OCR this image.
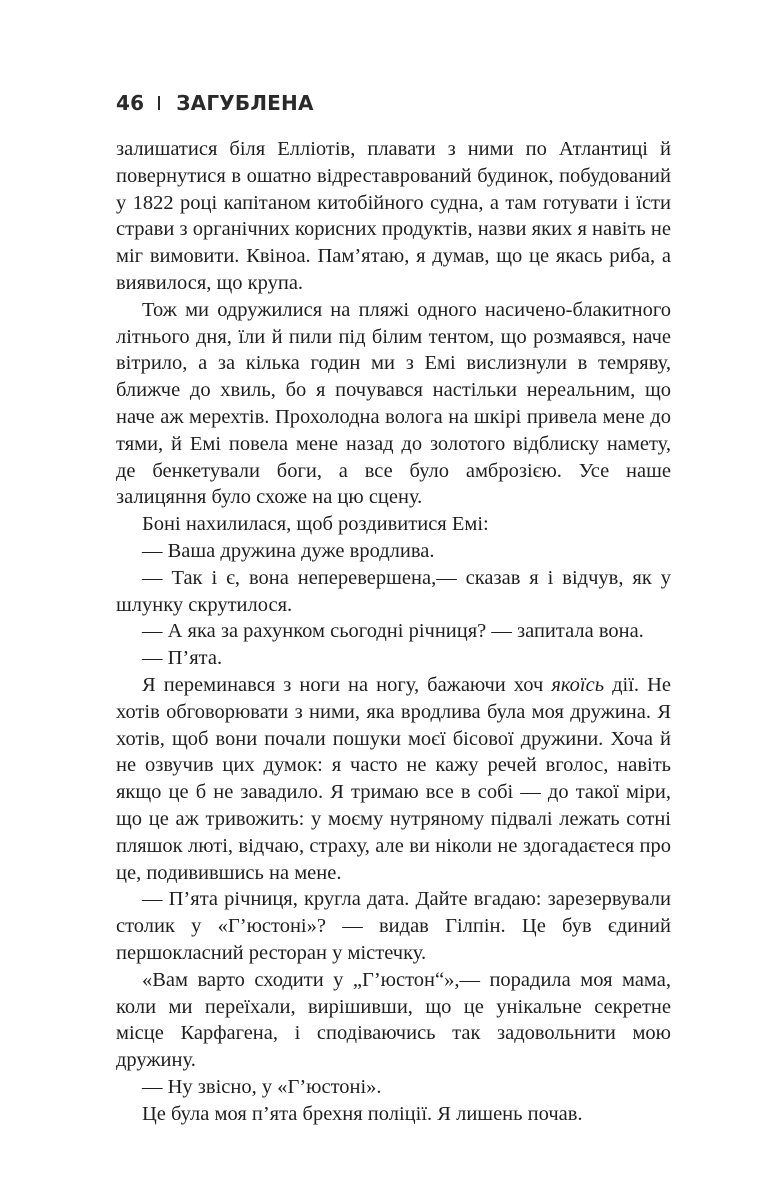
46 ЗАГУБЛЕНА

залишатися біля Елліотів, плавати з ними по Атлантиці й повернутися в ошатно відреставрований будинок, побудований у 1822 році капітаном китобійного судна, а там готувати і їсти страви з органічних корисних продуктів, назви яких я навіть не міг вимовити. Квіноа. Пам’ятаю, я думав, що це якась риба, а виявилося, що крупа.

Тож ми одружилися на пляжі одного насичено-блакитного літнього дня, їли й пили під білим тентом, що розмаявся, наче вітрило, а за кілька годин ми з Емі вислизнули в темряву, ближче до хвиль, бо я почувався настільки нереальним, що наче аж мерехтів. Прохолодна волога на шкірі привела мене до тями, й Емі повела мене назад до золотого відблиску намету, де бенкетували боги, а все було амброзією. Усе наше залицяння було схоже на цю сцену.

Боні нахилилася, щоб роздивитися Емі:

— Ваша дружина дуже вродлива.

— Так і є, вона неперевершена,— сказав я і відчув, як у шлунку скрутилося.

— А яка за рахунком сьогодні річниця? — запитала вона.

— П’ята.

Я переминався з ноги на ногу, бажаючи хоч якоїсь дії. Не хотів обговорювати з ними, яка вродлива була моя дружина. Я хотів, щоб вони почали пошуки моєї бісової дружини. Хоча й не озвучив цих думок: я часто не кажу речей вголос, навіть якщо це б не завадило. Я тримаю все в собі — до такої міри, що це аж тривожить: у моєму нутряному підвалі лежать сотні пляшок люті, відчаю, страху, але ви ніколи не здогадаєтеся про це, подивившись на мене.

— П’ята річниця, кругла дата. Дайте вгадаю: зарезервували столик у «Г’юстоні»? — видав Гілпін. Це був єдиний першокласний ресторан у містечку.

«Вам варто сходити у „Г’юстон“»,— порадила моя мама, коли ми переїхали, вирішивши, що це унікальне секретне місце Карфагена, і сподіваючись так задовольнити мою дружину.

— Ну звісно, у «Г’юстоні».

Це була моя п’ята брехня поліції. Я лишень почав.
